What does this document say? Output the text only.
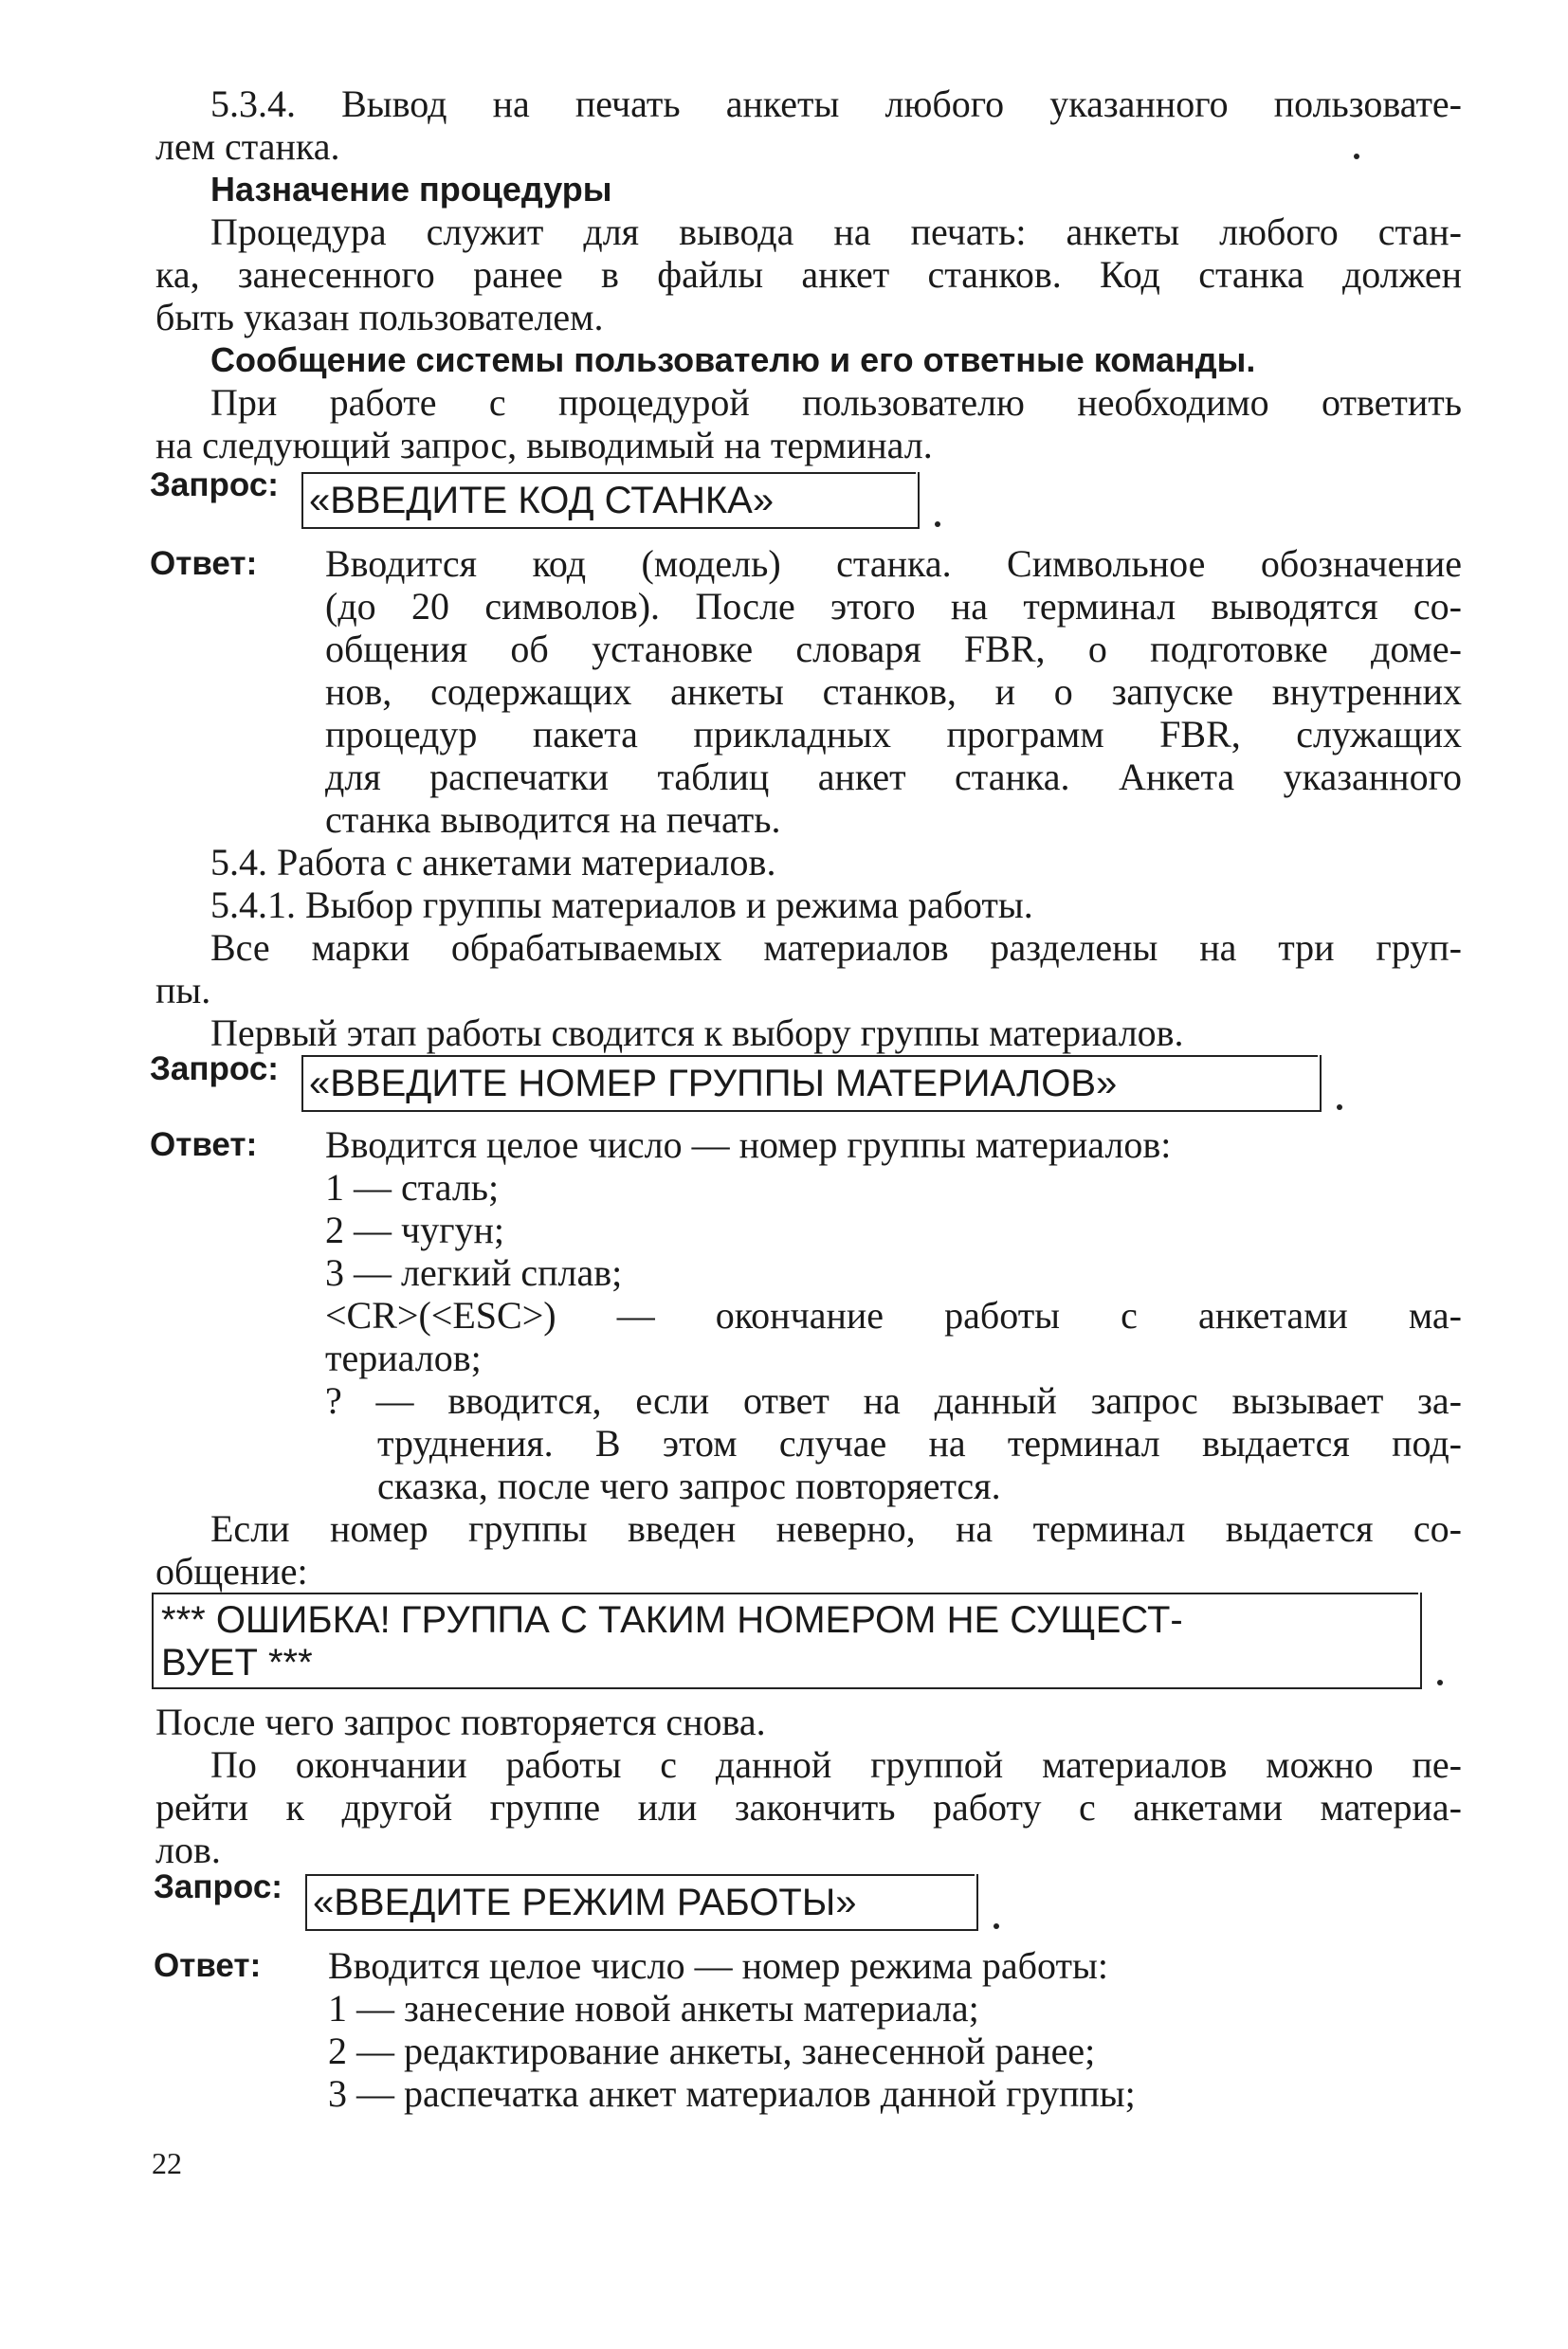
5.3.4. Вывод на печать анкеты любого указанного пользовате-
лем станка.
Назначение процедуры
Процедура служит для вывода на печать: анкеты любого стан-
ка, занесенного ранее в файлы анкет станков. Код станка должен
быть указан пользователем.
Сообщение системы пользователю и его ответные команды.
При работе с процедурой пользователю необходимо ответить
на следующий запрос, выводимый на терминал.
Запрос: «ВВЕДИТЕ КОД СТАНКА»
Ответ: Вводится код (модель) станка. Символьное обозначение
(до 20 символов). После этого на терминал выводятся со-
общения об установке словаря FBR, о подготовке доме-
нов, содержащих анкеты станков, и о запуске внутренних
процедур пакета прикладных программ FBR, служащих
для распечатки таблиц анкет станка. Анкета указанного
станка выводится на печать.
5.4. Работа с анкетами материалов.
5.4.1. Выбор группы материалов и режима работы.
Все марки обрабатываемых материалов разделены на три груп-
пы.
Первый этап работы сводится к выбору группы материалов.
Запрос: «ВВЕДИТЕ НОМЕР ГРУППЫ МАТЕРИАЛОВ»
Ответ: Вводится целое число — номер группы материалов:
1 — сталь;
2 — чугун;
3 — легкий сплав;
<CR>(<ESC>) — окончание работы с анкетами ма-
териалов;
? — вводится, если ответ на данный запрос вызывает за-
труднения. В этом случае на терминал выдается под-
сказка, после чего запрос повторяется.
Если номер группы введен неверно, на терминал выдается со-
общение:
*** ОШИБКА! ГРУППА С ТАКИМ НОМЕРОМ НЕ СУЩЕСТ-
ВУЕТ ***
После чего запрос повторяется снова.
По окончании работы с данной группой материалов можно пе-
рейти к другой группе или закончить работу с анкетами материа-
лов.
Запрос: «ВВЕДИТЕ РЕЖИМ РАБОТЫ»
Ответ: Вводится целое число — номер режима работы:
1 — занесение новой анкеты материала;
2 — редактирование анкеты, занесенной ранее;
3 — распечатка анкет материалов данной группы;
22
